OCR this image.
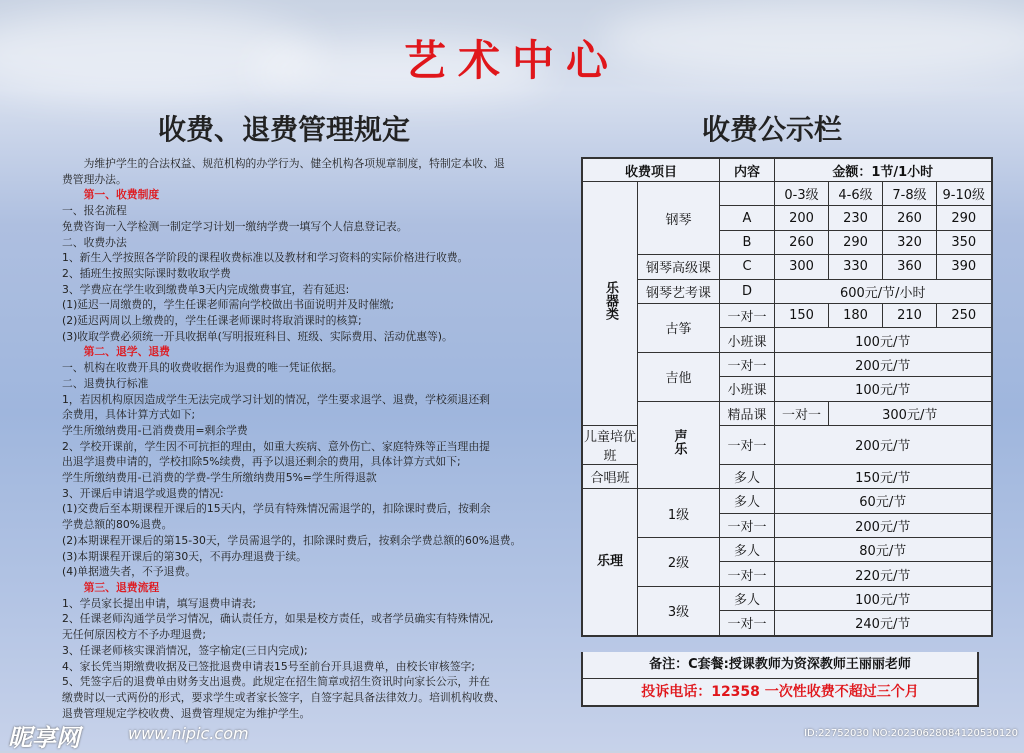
艺术中心
收费、退费管理规定	收费公示栏
为维护学生的合法权益、规范机构的办学行为、健全机构各项规章制度，特制定本收、退
费管理办法。
第一、收费制度
一、报名流程
免费咨询一入学检测一制定学习计划一缴纳学费一填写个人信息登记表。
二、收费办法
1、新生入学按照各学阶段的课程收费标准以及教材和学习资料的实际价格进行收费。
2、插班生按照实际课时数收取学费
3、学费应在学生收到缴费单3天内完成缴费事宜，若有延迟:
(1)延迟一周缴费的，学生任课老师需向学校做出书面说明并及时催缴;
(2)延迟两周以上缴费的，学生任课老师课时将取消课时的核算;
(3)收取学费必须统一开具收据单(写明报班科目、班级、实际费用、活动优惠等)。
第二、退学、退费
一、机构在收费开具的收费收据作为退费的唯一凭证依据。
二、退费执行标准
1，若因机构原因造成学生无法完成学习计划的情况，学生要求退学、退费，学校须退还剩
余费用，具体计算方式如下;
学生所缴纳费用-已消费费用=剩余学费
2、学校开课前，学生因不可抗拒的理由，如重大疾病、意外伤亡、家庭特殊等正当理由提
出退学退费申请的，学校扣除5%续费，再予以退还剩余的费用，具体计算方式如下;
学生所缴纳费用-已消费的学费-学生所缴纳费用5%=学生所得退款
3、开课后申请退学或退费的情况:
(1)交费后至本期课程开课后的15天内，学员有特殊情况需退学的，扣除课时费后，按剩余
学费总额的80%退费。
(2)本期课程开课后的第15-30天，学员需退学的，扣除课时费后，按剩余学费总额的60%退费。
(3)本期课程开课后的第30天，不再办理退费于续。
(4)单据遗失者，不予退费。
第三、退费流程
1、学员家长提出申请，填写退费申请表;
2、任课老师沟通学员学习情况，确认责任方，如果是校方责任，或者学员确实有特殊情况,
无任何原因校方不予办理退费;
3、任课老师核实课消情况，签字榆定(三日内完成);
4、家长凭当期缴费收据及已签批退费申请表15号至前台开具退费单，由校长审核签字;
5、凭签字后的退费单由财务支出退费。此规定在招生简章或招生资讯时向家长公示，并在
缴费时以一式两份的形式，要求学生或者家长签字，自签字起具备法律效力。培训机构收费、
退费管理规定学校收费、退费管理规定为维护学生。
收费项目		内容	金额：1节/1小时			
乐器类	钢琴		0-3级	4-6级	7-8级	9-10级
		A	200	230	260	290
		B	260	290	320	350
	钢琴高级课	C	300	330	360	390
	钢琴艺考课	D	600元/节/小时			
	古筝	一对一	150	180	210	250
		小班课	100元/节			
	吉他	一对一	200元/节			
		小班课	100元/节			
	声乐	精品课	一对一	300元/节		
儿童培优班		一对一	200元/节			
合唱班		多人	150元/节			
乐理	1级	多人	60元/节			
		一对一	200元/节			
	2级	多人	80元/节			
		一对一	220元/节			
	3级	多人	100元/节			
		一对一	240元/节			
备注：C套餐:授课教师为资深教师王丽丽老师
投诉电话：12358 一次性收费不超过三个月
昵享网	www.nipic.com	ID:22752030 NO:20230628084120530120
